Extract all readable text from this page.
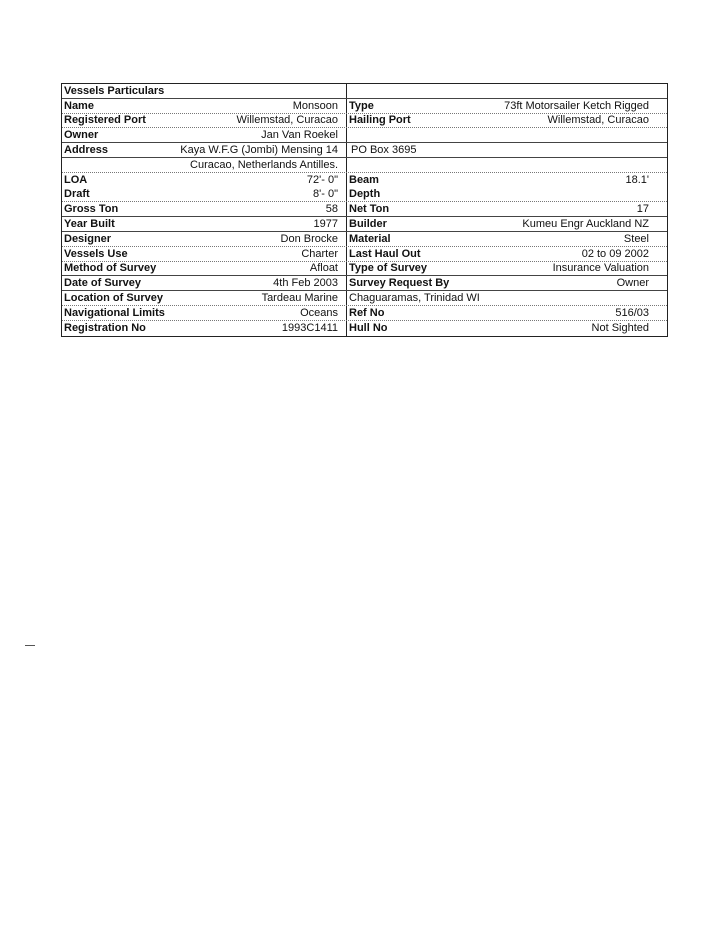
Vessels Particulars
Name	Monsoon	Type	73ft Motorsailer Ketch Rigged
Registered Port	Willemstad, Curacao	Hailing Port	Willemstad, Curacao
Owner	Jan Van Roekel
Address	Kaya W.F.G (Jombi) Mensing 14	PO Box 3695
Curacao, Netherlands Antilles.
LOA	72'- 0"	Beam	18.1'
Draft	8'- 0"	Depth
Gross Ton	58	Net Ton	17
Year Built	1977	Builder	Kumeu Engr Auckland NZ
Designer	Don Brocke	Material	Steel
Vessels Use	Charter	Last Haul Out	02 to 09 2002
Method of Survey	Afloat	Type of Survey	Insurance Valuation
Date of Survey	4th Feb 2003	Survey Request By	Owner
Location of Survey	Tardeau Marine	Chaguaramas, Trinidad WI
Navigational Limits	Oceans	Ref No	516/03
Registration No	1993C1411	Hull No	Not Sighted
